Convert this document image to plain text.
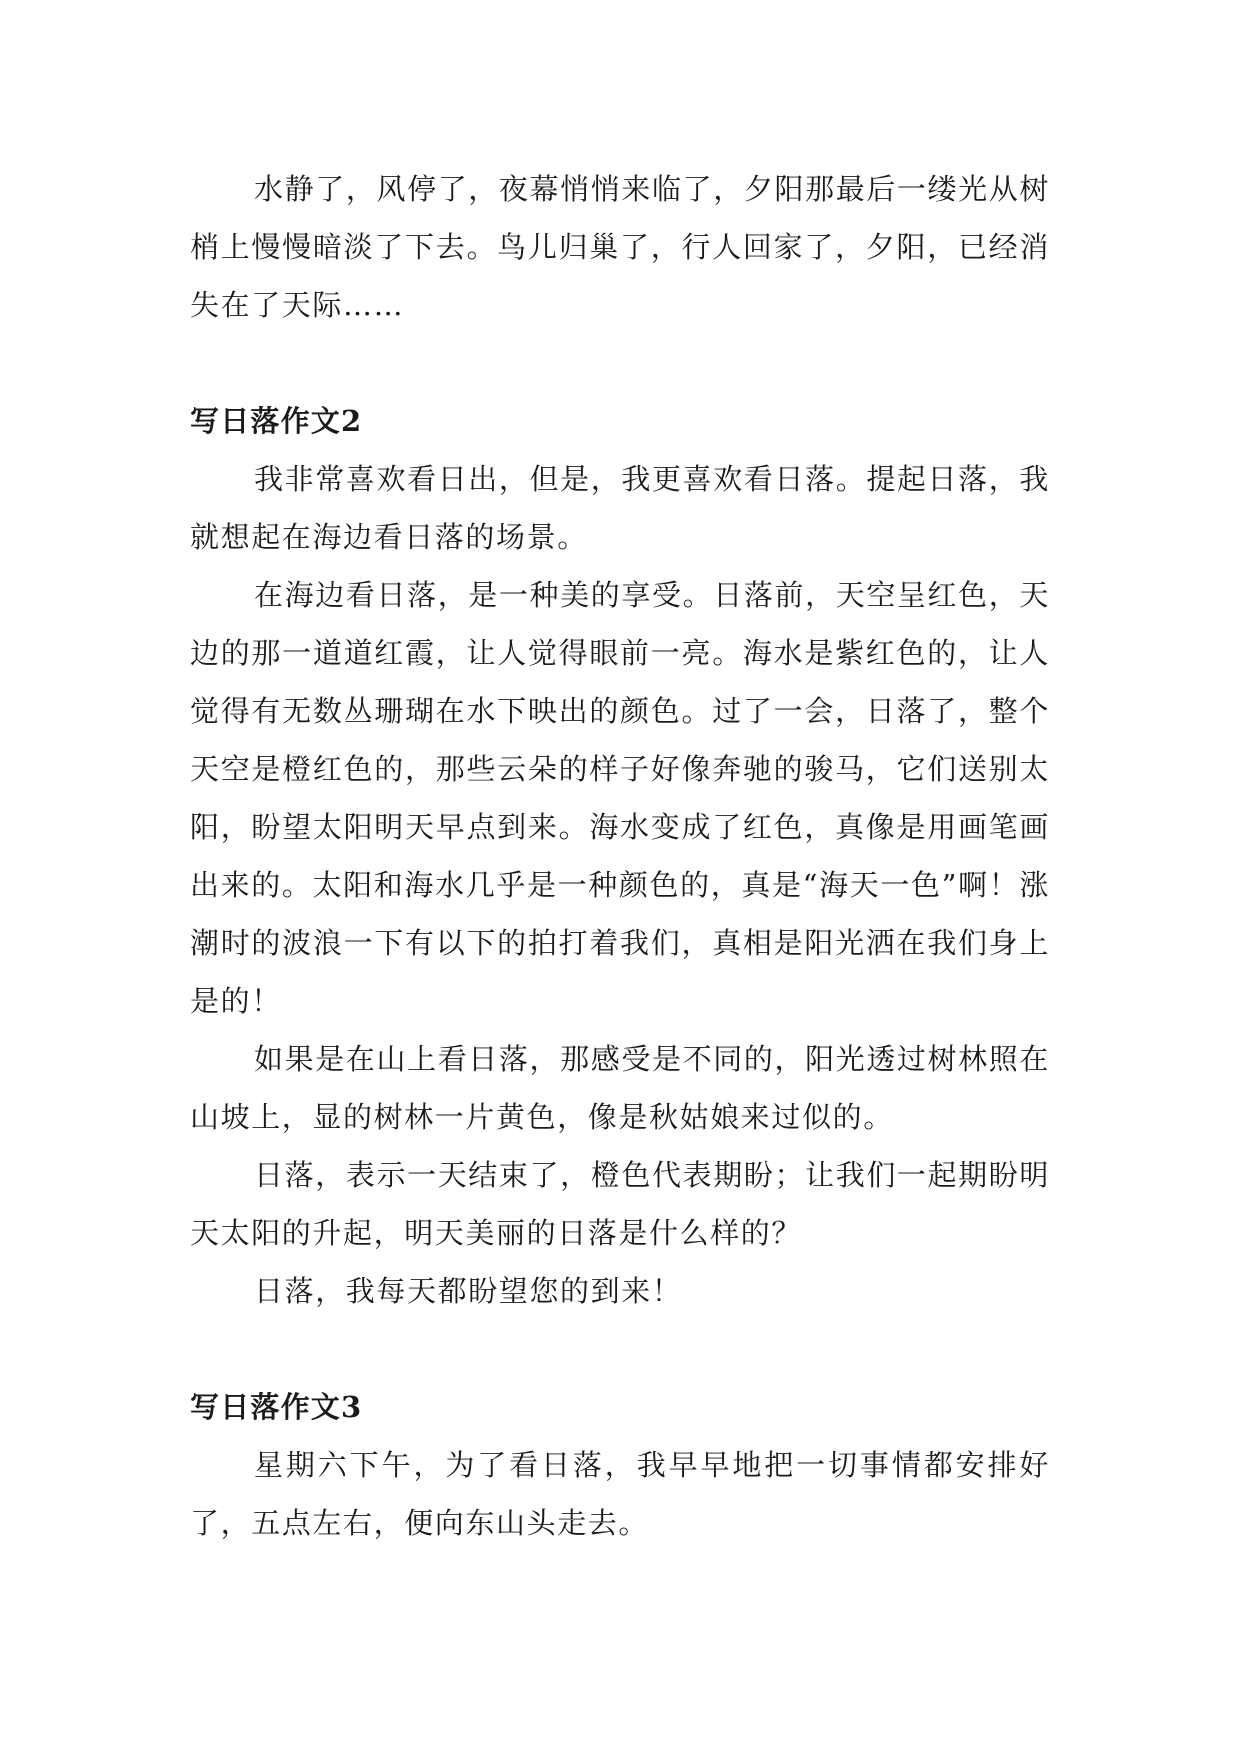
水静了，风停了，夜幕悄悄来临了，夕阳那最后一缕光从树梢上慢慢暗淡了下去。鸟儿归巢了，行人回家了，夕阳，已经消失在了天际……

写日落作文2

我非常喜欢看日出，但是，我更喜欢看日落。提起日落，我就想起在海边看日落的场景。

在海边看日落，是一种美的享受。日落前，天空呈红色，天边的那一道道红霞，让人觉得眼前一亮。海水是紫红色的，让人觉得有无数丛珊瑚在水下映出的颜色。过了一会，日落了，整个天空是橙红色的，那些云朵的样子好像奔驰的骏马，它们送别太阳，盼望太阳明天早点到来。海水变成了红色，真像是用画笔画出来的。太阳和海水几乎是一种颜色的，真是“海天一色”啊！涨潮时的波浪一下有以下的拍打着我们，真相是阳光洒在我们身上是的！

如果是在山上看日落，那感受是不同的，阳光透过树林照在山坡上，显的树林一片黄色，像是秋姑娘来过似的。

日落，表示一天结束了，橙色代表期盼；让我们一起期盼明天太阳的升起，明天美丽的日落是什么样的？

日落，我每天都盼望您的到来！

写日落作文3

星期六下午，为了看日落，我早早地把一切事情都安排好了，五点左右，便向东山头走去。
